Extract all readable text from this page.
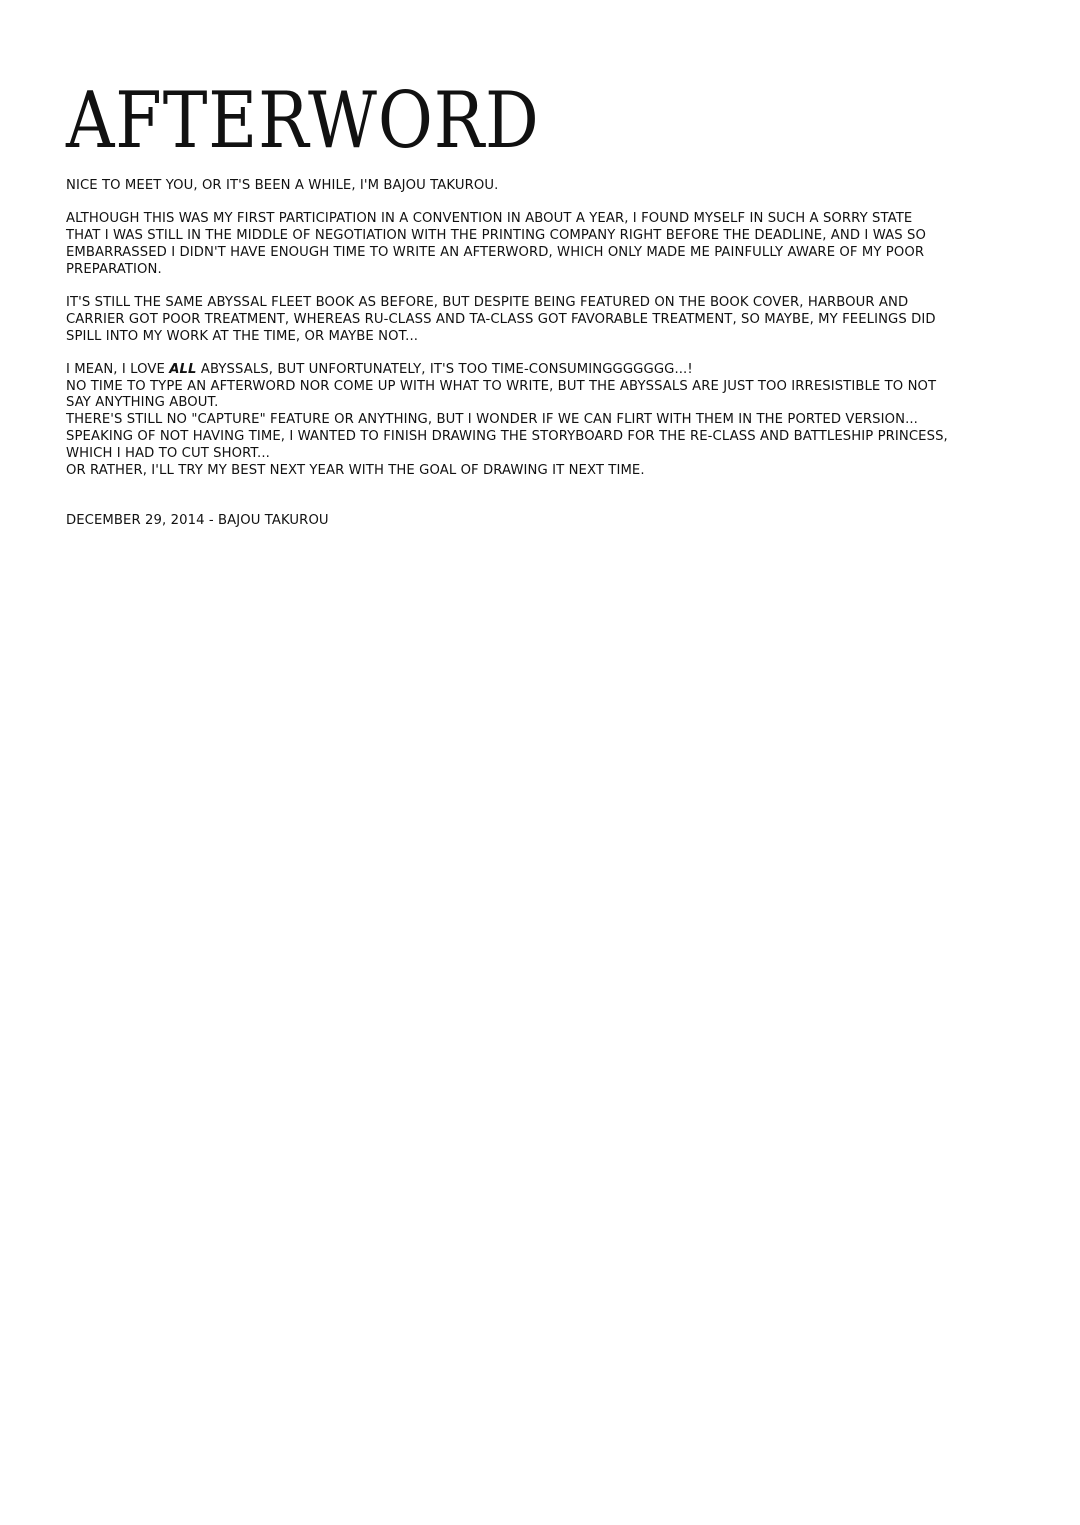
AFTERWORD

NICE TO MEET YOU, OR IT'S BEEN A WHILE, I'M BAJOU TAKUROU.

ALTHOUGH THIS WAS MY FIRST PARTICIPATION IN A CONVENTION IN ABOUT A YEAR, I FOUND MYSELF IN SUCH A SORRY STATE
THAT I WAS STILL IN THE MIDDLE OF NEGOTIATION WITH THE PRINTING COMPANY RIGHT BEFORE THE DEADLINE, AND I WAS SO
EMBARRASSED I DIDN'T HAVE ENOUGH TIME TO WRITE AN AFTERWORD, WHICH ONLY MADE ME PAINFULLY AWARE OF MY POOR
PREPARATION.

IT'S STILL THE SAME ABYSSAL FLEET BOOK AS BEFORE, BUT DESPITE BEING FEATURED ON THE BOOK COVER, HARBOUR AND
CARRIER GOT POOR TREATMENT, WHEREAS RU-CLASS AND TA-CLASS GOT FAVORABLE TREATMENT, SO MAYBE, MY FEELINGS DID
SPILL INTO MY WORK AT THE TIME, OR MAYBE NOT...

I MEAN, I LOVE ALL ABYSSALS, BUT UNFORTUNATELY, IT'S TOO TIME-CONSUMINGGGGGGG...!
NO TIME TO TYPE AN AFTERWORD NOR COME UP WITH WHAT TO WRITE, BUT THE ABYSSALS ARE JUST TOO IRRESISTIBLE TO NOT
SAY ANYTHING ABOUT.
THERE'S STILL NO "CAPTURE" FEATURE OR ANYTHING, BUT I WONDER IF WE CAN FLIRT WITH THEM IN THE PORTED VERSION...
SPEAKING OF NOT HAVING TIME, I WANTED TO FINISH DRAWING THE STORYBOARD FOR THE RE-CLASS AND BATTLESHIP PRINCESS,
WHICH I HAD TO CUT SHORT...
OR RATHER, I'LL TRY MY BEST NEXT YEAR WITH THE GOAL OF DRAWING IT NEXT TIME.

DECEMBER 29, 2014 - BAJOU TAKUROU
